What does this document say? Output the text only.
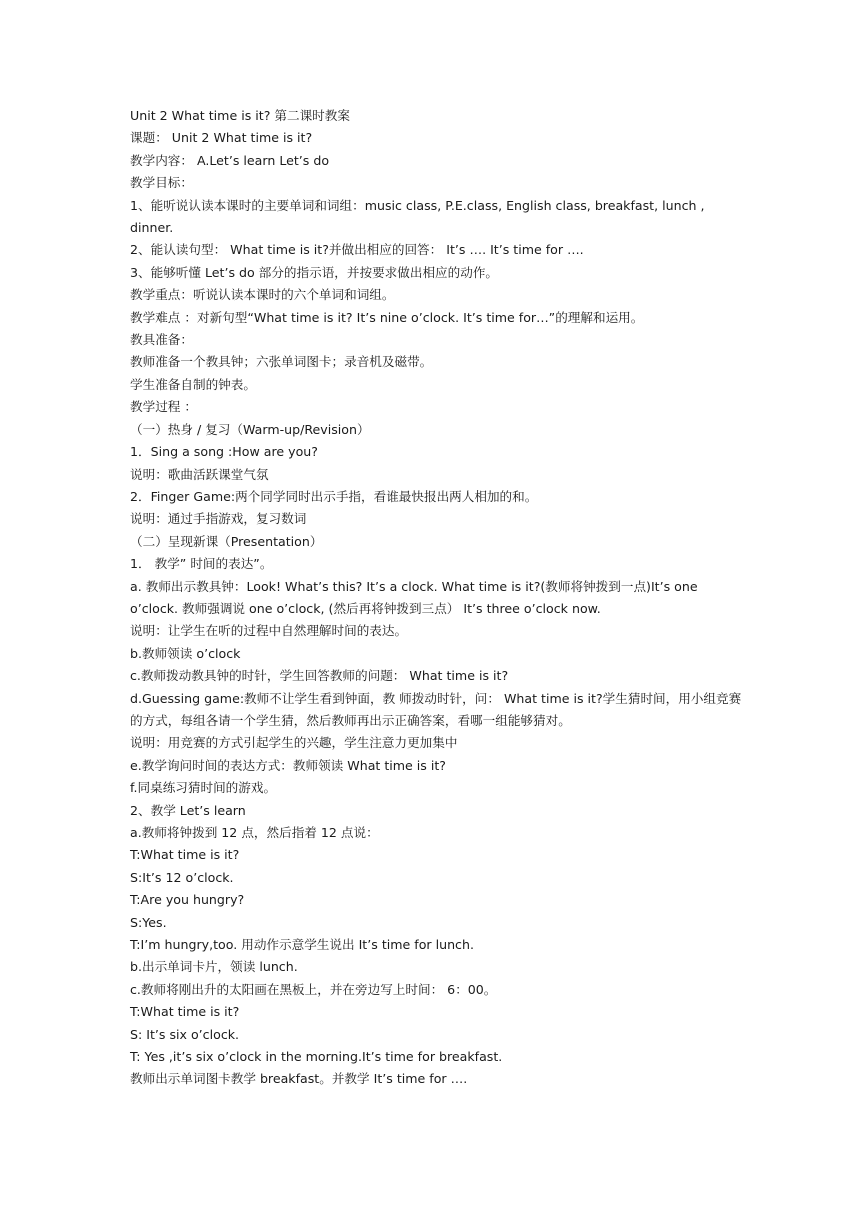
Unit 2 What time is it? 第二课时教案
课题： Unit 2 What time is it?
教学内容： A.Let’s learn Let’s do
教学目标：
1、能听说认读本课时的主要单词和词组：music class, P.E.class, English class, breakfast, lunch , dinner.
2、能认读句型： What time is it?并做出相应的回答： It’s …. It’s time for ….
3、能够听懂 Let’s do 部分的指示语，并按要求做出相应的动作。
教学重点：听说认读本课时的六个单词和词组。
教学难点 ：对新句型“What time is it? It’s nine o’clock. It’s time for…”的理解和运用。
教具准备：
教师准备一个教具钟；六张单词图卡；录音机及磁带。
学生准备自制的钟表。
教学过程 ：
（一）热身 / 复习（Warm-up/Revision）
1．Sing a song :How are you?
说明：歌曲活跃课堂气氛
2．Finger Game:两个同学同时出示手指，看谁最快报出两人相加的和。
说明：通过手指游戏，复习数词
（二）呈现新课（Presentation）
1． 教学” 时间的表达”。
a. 教师出示教具钟：Look! What’s this? It’s a clock. What time is it?(教师将钟拨到一点)It’s one o’clock. 教师强调说 one o’clock, (然后再将钟拨到三点） It’s three o’clock now.
说明：让学生在听的过程中自然理解时间的表达。
b.教师领读 o’clock
c.教师拨动教具钟的时针，学生回答教师的问题： What time is it?
d.Guessing game:教师不让学生看到钟面，教 师拨动时针，问： What time is it?学生猜时间，用小组竞赛的方式，每组各请一个学生猜，然后教师再出示正确答案，看哪一组能够猜对。
说明：用竞赛的方式引起学生的兴趣，学生注意力更加集中
e.教学询问时间的表达方式：教师领读 What time is it?
f.同桌练习猜时间的游戏。
2、教学 Let’s learn
a.教师将钟拨到 12 点，然后指着 12 点说：
T:What time is it?
S:It’s 12 o’clock.
T:Are you hungry?
S:Yes.
T:I’m hungry,too. 用动作示意学生说出 It’s time for lunch.
b.出示单词卡片，领读 lunch.
c.教师将刚出升的太阳画在黑板上，并在旁边写上时间： 6：00。
T:What time is it?
S: It’s six o’clock.
T: Yes ,it’s six o’clock in the morning.It’s time for breakfast.
教师出示单词图卡教学 breakfast。并教学 It’s time for ….
